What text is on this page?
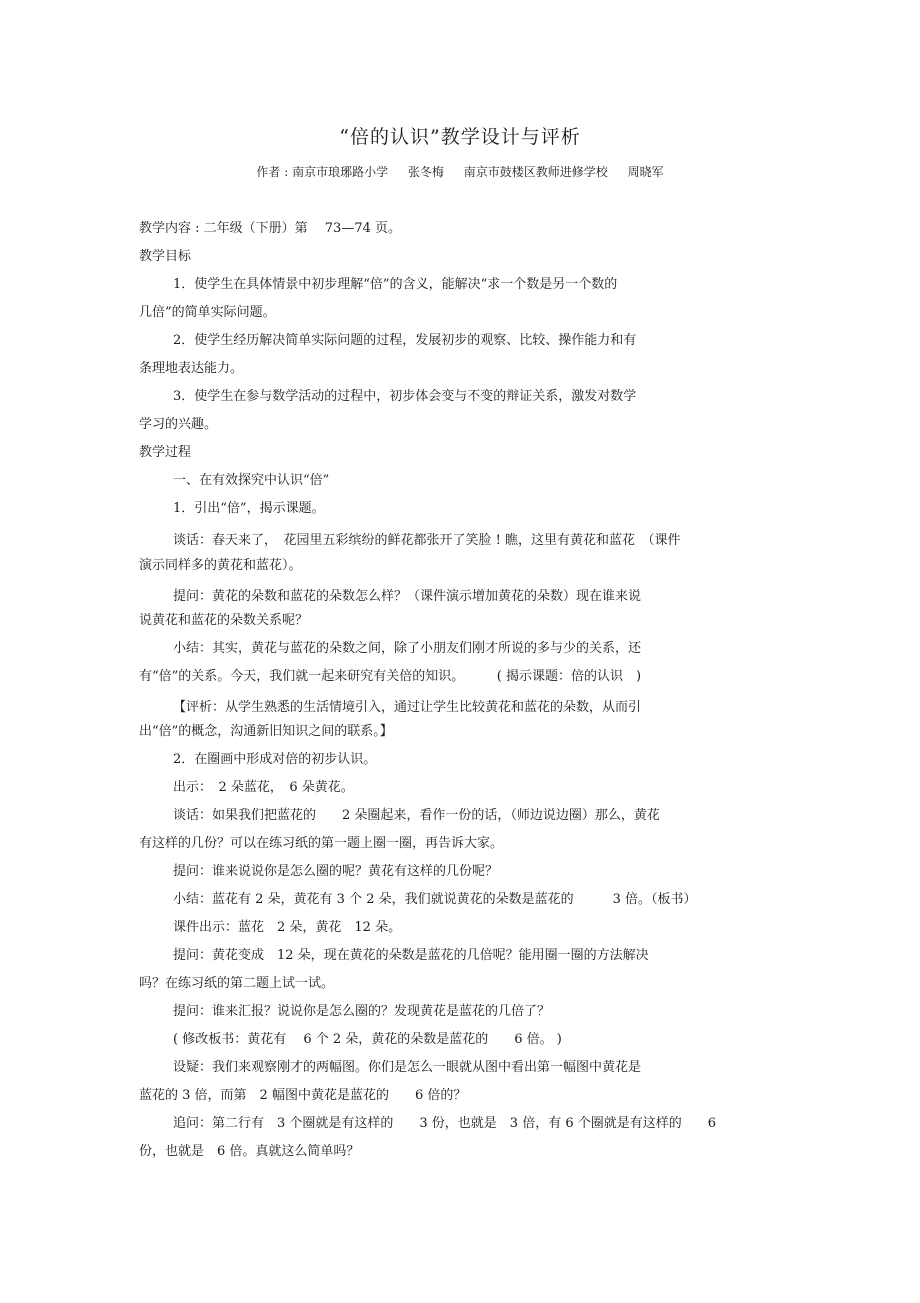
“倍的认识”教学设计与评析
作者 : 南京市琅琊路小学 张冬梅 南京市鼓楼区教师进修学校 周晓军
教学内容 : 二年级（下册）第　 73—74 页。
教学目标
1．使学生在具体情景中初步理解“倍”的含义，能解决“求一个数是另一个数的
几倍”的简单实际问题。
2．使学生经历解决简单实际问题的过程，发展初步的观察、比较、操作能力和有
条理地表达能力。
3．使学生在参与数学活动的过程中，初步体会变与不变的辩证关系，激发对数学
学习的兴趣。
教学过程
一、在有效探究中认识“倍”
1．引出“倍”，揭示课题。
谈话：春天来了，　花园里五彩缤纷的鲜花都张开了笑脸 ! 瞧，这里有黄花和蓝花　（课件
演示同样多的黄花和蓝花）。
提问：黄花的朵数和蓝花的朵数怎么样？（课件演示增加黄花的朵数）现在谁来说
说黄花和蓝花的朵数关系呢？
小结：其实，黄花与蓝花的朵数之间，除了小朋友们刚才所说的多与少的关系，还
有“倍”的关系。今天，我们就一起来研究有关倍的知识。　　　( 揭示课题：倍的认识　)
【评析：从学生熟悉的生活情境引入，通过让学生比较黄花和蓝花的朵数，从而引
出“倍”的概念，沟通新旧知识之间的联系。】
2．在圈画中形成对倍的初步认识。
出示：　2 朵蓝花，　6 朵黄花。
谈话：如果我们把蓝花的　　2 朵圈起来，看作一份的话，（师边说边圈）那么，黄花
有这样的几份？可以在练习纸的第一题上圈一圈，再告诉大家。
提问：谁来说说你是怎么圈的呢？黄花有这样的几份呢？
小结：蓝花有 2 朵，黄花有 3 个 2 朵，我们就说黄花的朵数是蓝花的　　　3 倍。（板书）
课件出示：蓝花　2 朵，黄花　12 朵。
提问：黄花变成　12 朵，现在黄花的朵数是蓝花的几倍呢？能用圈一圈的方法解决
吗？在练习纸的第二题上试一试。
提问：谁来汇报？说说你是怎么圈的？发现黄花是蓝花的几倍了？
( 修改板书：黄花有　 6 个 2 朵，黄花的朵数是蓝花的　　6 倍。 )
设疑：我们来观察刚才的两幅图。你们是怎么一眼就从图中看出第一幅图中黄花是
蓝花的 3 倍，而第　2 幅图中黄花是蓝花的　　6 倍的？
追问：第二行有　3 个圈就是有这样的　　3 份，也就是　3 倍，有 6 个圈就是有这样的　　6
份，也就是　6 倍。真就这么简单吗？
